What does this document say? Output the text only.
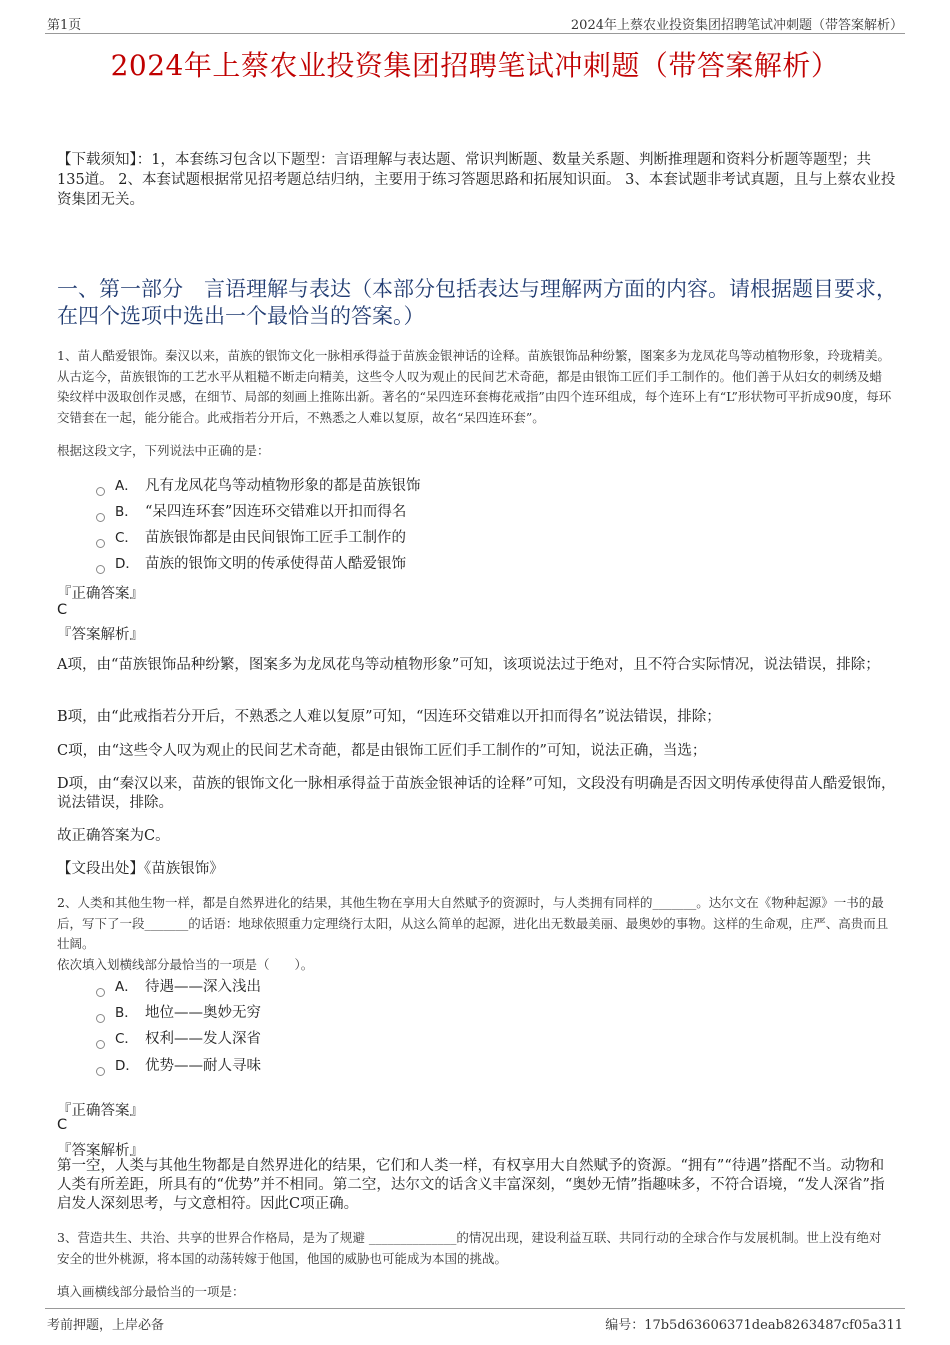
第1页	2024年上蔡农业投资集团招聘笔试冲刺题（带答案解析）
2024年上蔡农业投资集团招聘笔试冲刺题（带答案解析）
【下载须知】：1，本套练习包含以下题型：言语理解与表达题、常识判断题、数量关系题、判断推理题和资料分析题等题型；共135道。 2、本套试题根据常见招考题总结归纳，主要用于练习答题思路和拓展知识面。 3、本套试题非考试真题，且与上蔡农业投资集团无关。
一、第一部分　言语理解与表达（本部分包括表达与理解两方面的内容。请根据题目要求，在四个选项中选出一个最恰当的答案。）
1、苗人酷爱银饰。秦汉以来，苗族的银饰文化一脉相承得益于苗族金银神话的诠释。苗族银饰品种纷繁，图案多为龙凤花鸟等动植物形象，玲珑精美。从古迄今，苗族银饰的工艺水平从粗糙不断走向精美，这些令人叹为观止的民间艺术奇葩，都是由银饰工匠们手工制作的。他们善于从妇女的刺绣及蜡染纹样中汲取创作灵感，在细节、局部的刻画上推陈出新。著名的“呆四连环套梅花戒指”由四个连环组成，每个连环上有“L”形状物可平折成90度，每环交错套在一起，能分能合。此戒指若分开后，不熟悉之人难以复原，故名“呆四连环套”。
根据这段文字，下列说法中正确的是：
A． 凡有龙凤花鸟等动植物形象的都是苗族银饰
B． “呆四连环套”因连环交错难以开扣而得名
C． 苗族银饰都是由民间银饰工匠手工制作的
D． 苗族的银饰文明的传承使得苗人酷爱银饰
『正确答案』
C
『答案解析』
A项，由“苗族银饰品种纷繁，图案多为龙凤花鸟等动植物形象”可知，该项说法过于绝对，且不符合实际情况，说法错误，排除；
B项，由“此戒指若分开后，不熟悉之人难以复原”可知，“因连环交错难以开扣而得名”说法错误，排除；
C项，由“这些令人叹为观止的民间艺术奇葩，都是由银饰工匠们手工制作的”可知，说法正确，当选；
D项，由“秦汉以来，苗族的银饰文化一脉相承得益于苗族金银神话的诠释”可知，文段没有明确是否因文明传承使得苗人酷爱银饰，说法错误，排除。
故正确答案为C。
【文段出处】《苗族银饰》
2、人类和其他生物一样，都是自然界进化的结果，其他生物在享用大自然赋予的资源时，与人类拥有同样的_______。达尔文在《物种起源》一书的最后，写下了一段_______的话语：地球依照重力定理绕行太阳，从这么简单的起源，进化出无数最美丽、最奥妙的事物。这样的生命观，庄严、高贵而且壮阔。
依次填入划横线部分最恰当的一项是（　　）。
A． 待遇——深入浅出
B． 地位——奥妙无穷
C． 权利——发人深省
D． 优势——耐人寻味
『正确答案』
C
『答案解析』
第一空，人类与其他生物都是自然界进化的结果，它们和人类一样，有权享用大自然赋予的资源。“拥有”“待遇”搭配不当。动物和人类有所差距，所具有的“优势”并不相同。第二空，达尔文的话含义丰富深刻，“奥妙无情”指趣味多，不符合语境，“发人深省”指启发人深刻思考，与文意相符。因此C项正确。
3、营造共生、共治、共享的世界合作格局，是为了规避 ______________的情况出现，建设利益互联、共同行动的全球合作与发展机制。世上没有绝对安全的世外桃源，将本国的动荡转嫁于他国，他国的威胁也可能成为本国的挑战。
填入画横线部分最恰当的一项是：
考前押题，上岸必备	编号：17b5d63606371deab8263487cf05a311
